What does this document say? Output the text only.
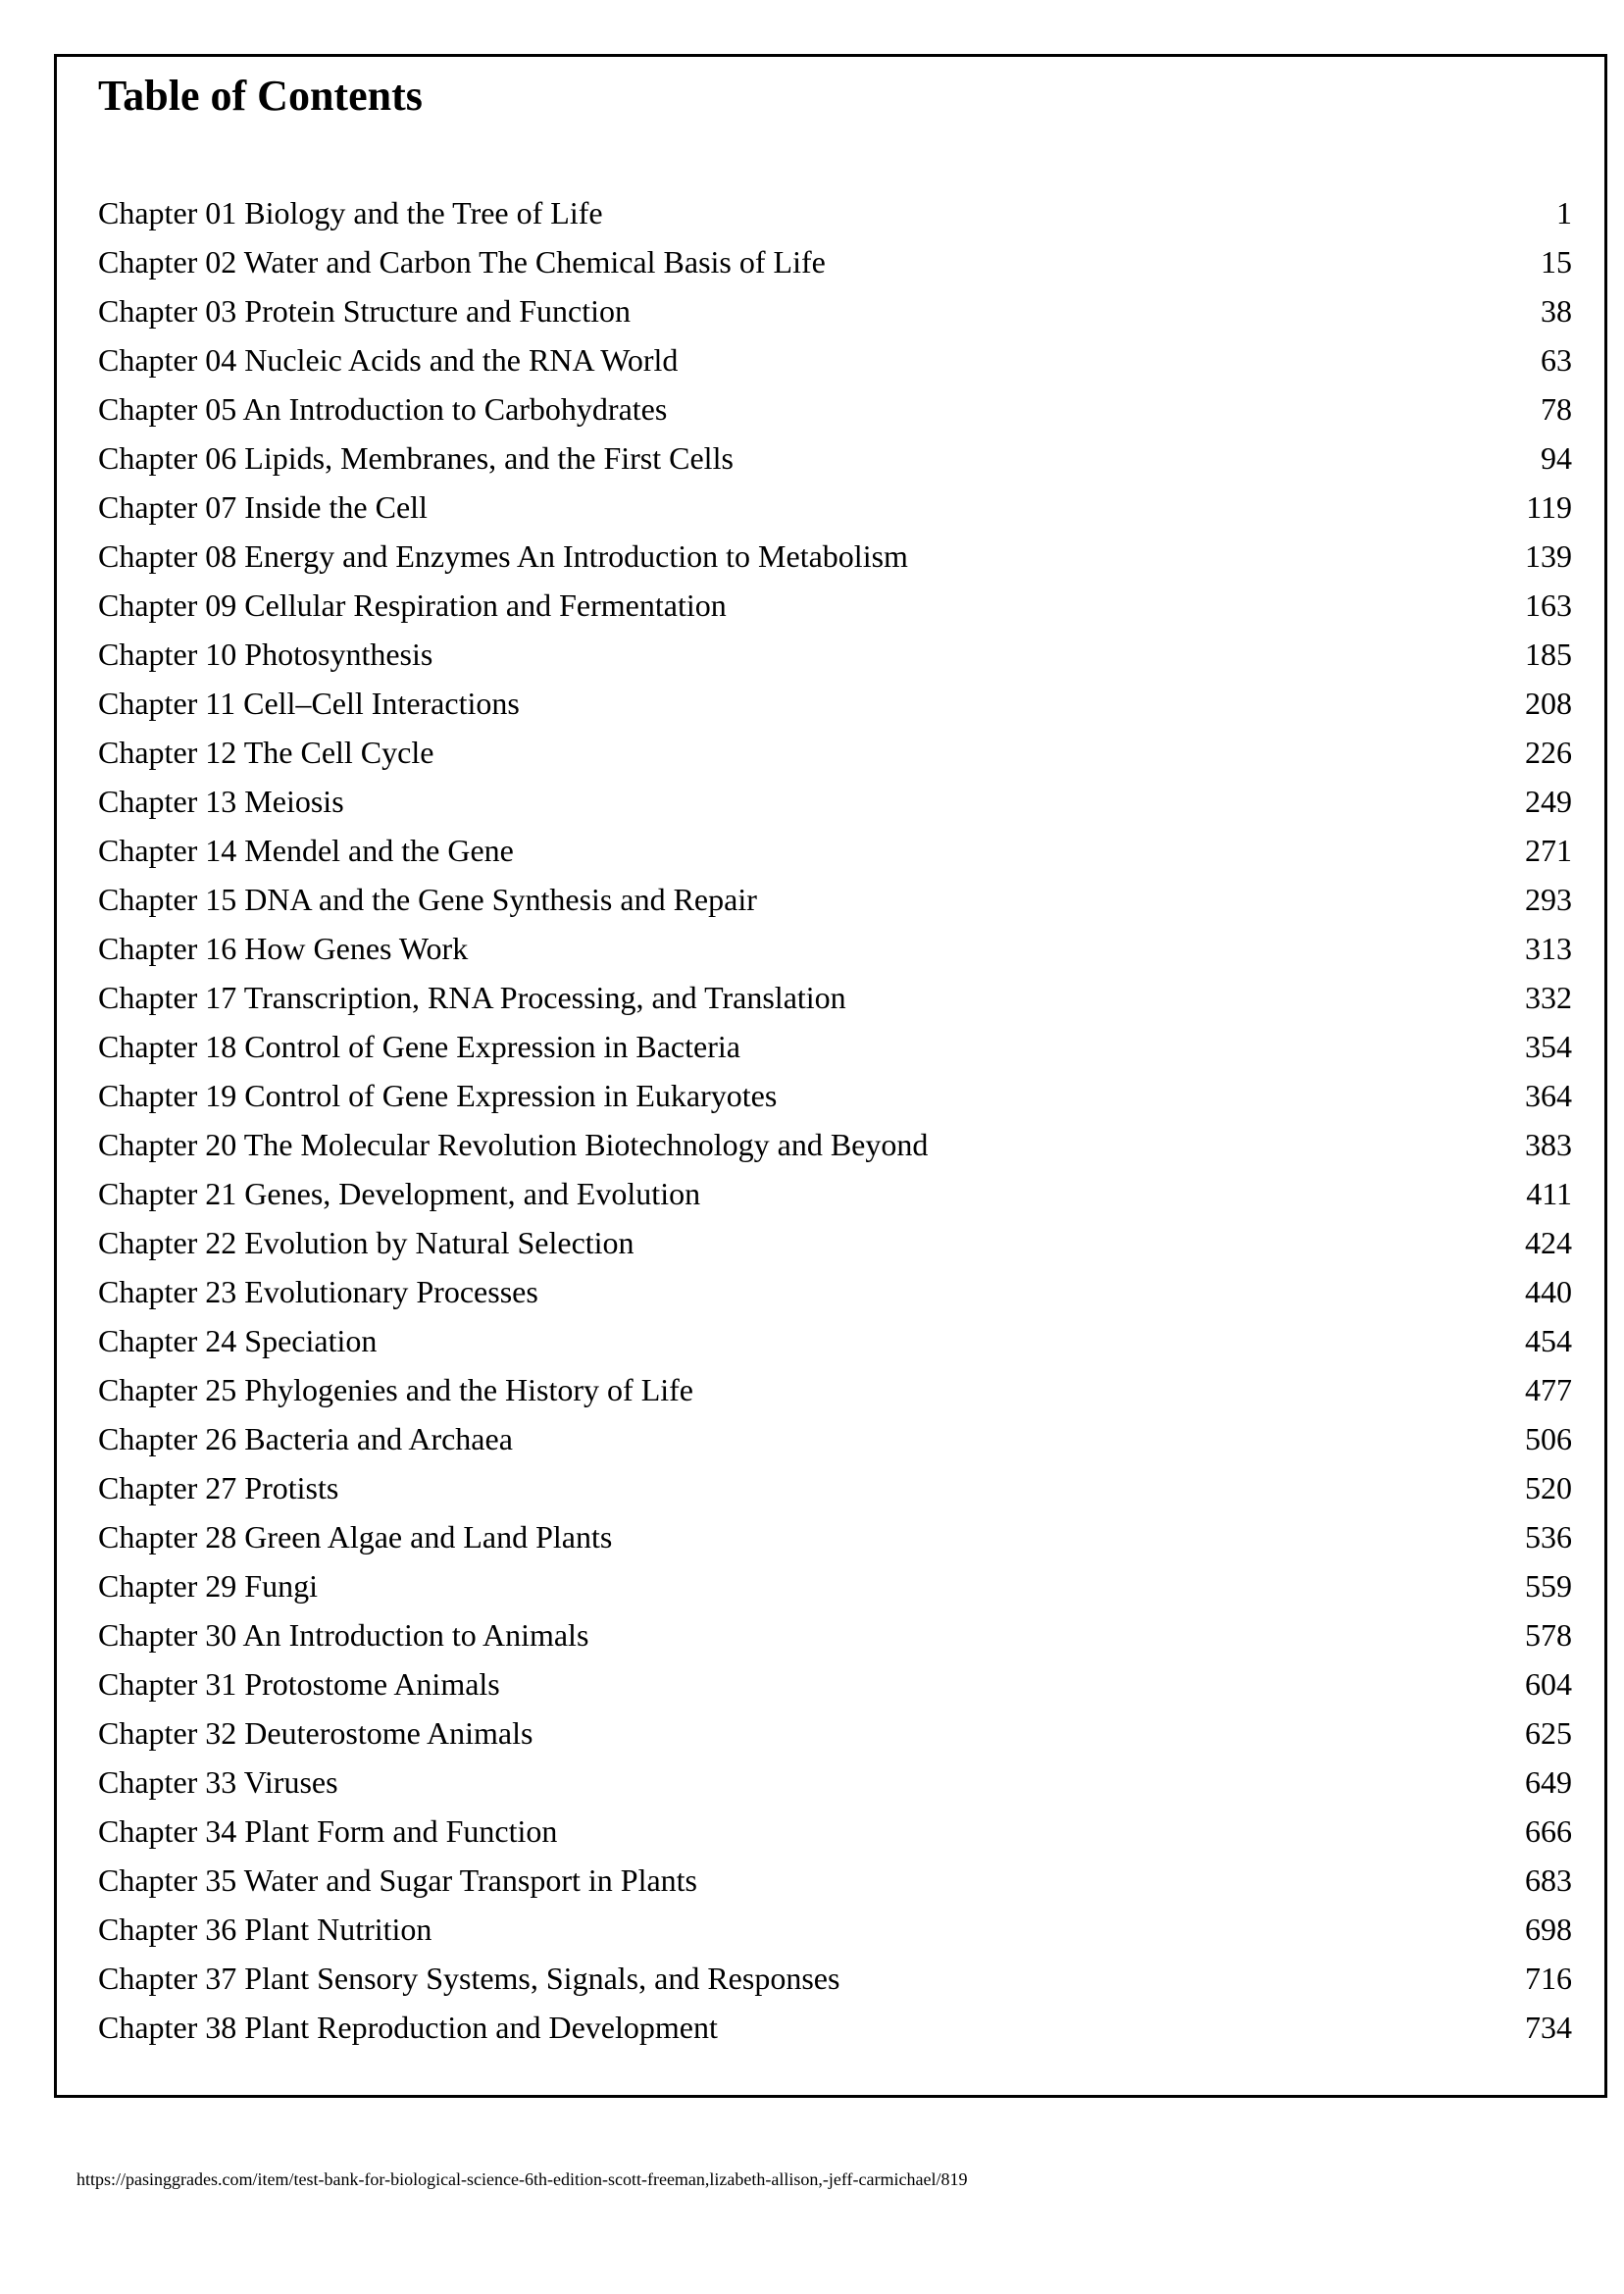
Table of Contents
Chapter 01 Biology and the Tree of Life	1
Chapter 02 Water and Carbon The Chemical Basis of Life	15
Chapter 03 Protein Structure and Function	38
Chapter 04 Nucleic Acids and the RNA World	63
Chapter 05 An Introduction to Carbohydrates	78
Chapter 06 Lipids, Membranes, and the First Cells	94
Chapter 07 Inside the Cell	119
Chapter 08 Energy and Enzymes An Introduction to Metabolism	139
Chapter 09 Cellular Respiration and Fermentation	163
Chapter 10 Photosynthesis	185
Chapter 11 Cell–Cell Interactions	208
Chapter 12 The Cell Cycle	226
Chapter 13 Meiosis	249
Chapter 14 Mendel and the Gene	271
Chapter 15 DNA and the Gene Synthesis and Repair	293
Chapter 16 How Genes Work	313
Chapter 17 Transcription, RNA Processing, and Translation	332
Chapter 18 Control of Gene Expression in Bacteria	354
Chapter 19 Control of Gene Expression in Eukaryotes	364
Chapter 20 The Molecular Revolution Biotechnology and Beyond	383
Chapter 21 Genes, Development, and Evolution	411
Chapter 22 Evolution by Natural Selection	424
Chapter 23 Evolutionary Processes	440
Chapter 24 Speciation	454
Chapter 25 Phylogenies and the History of Life	477
Chapter 26 Bacteria and Archaea	506
Chapter 27 Protists	520
Chapter 28 Green Algae and Land Plants	536
Chapter 29 Fungi	559
Chapter 30 An Introduction to Animals	578
Chapter 31 Protostome Animals	604
Chapter 32 Deuterostome Animals	625
Chapter 33 Viruses	649
Chapter 34 Plant Form and Function	666
Chapter 35 Water and Sugar Transport in Plants	683
Chapter 36 Plant Nutrition	698
Chapter 37 Plant Sensory Systems, Signals, and Responses	716
Chapter 38 Plant Reproduction and Development	734
https://pasinggrades.com/item/test-bank-for-biological-science-6th-edition-scott-freeman,lizabeth-allison,-jeff-carmichael/819
